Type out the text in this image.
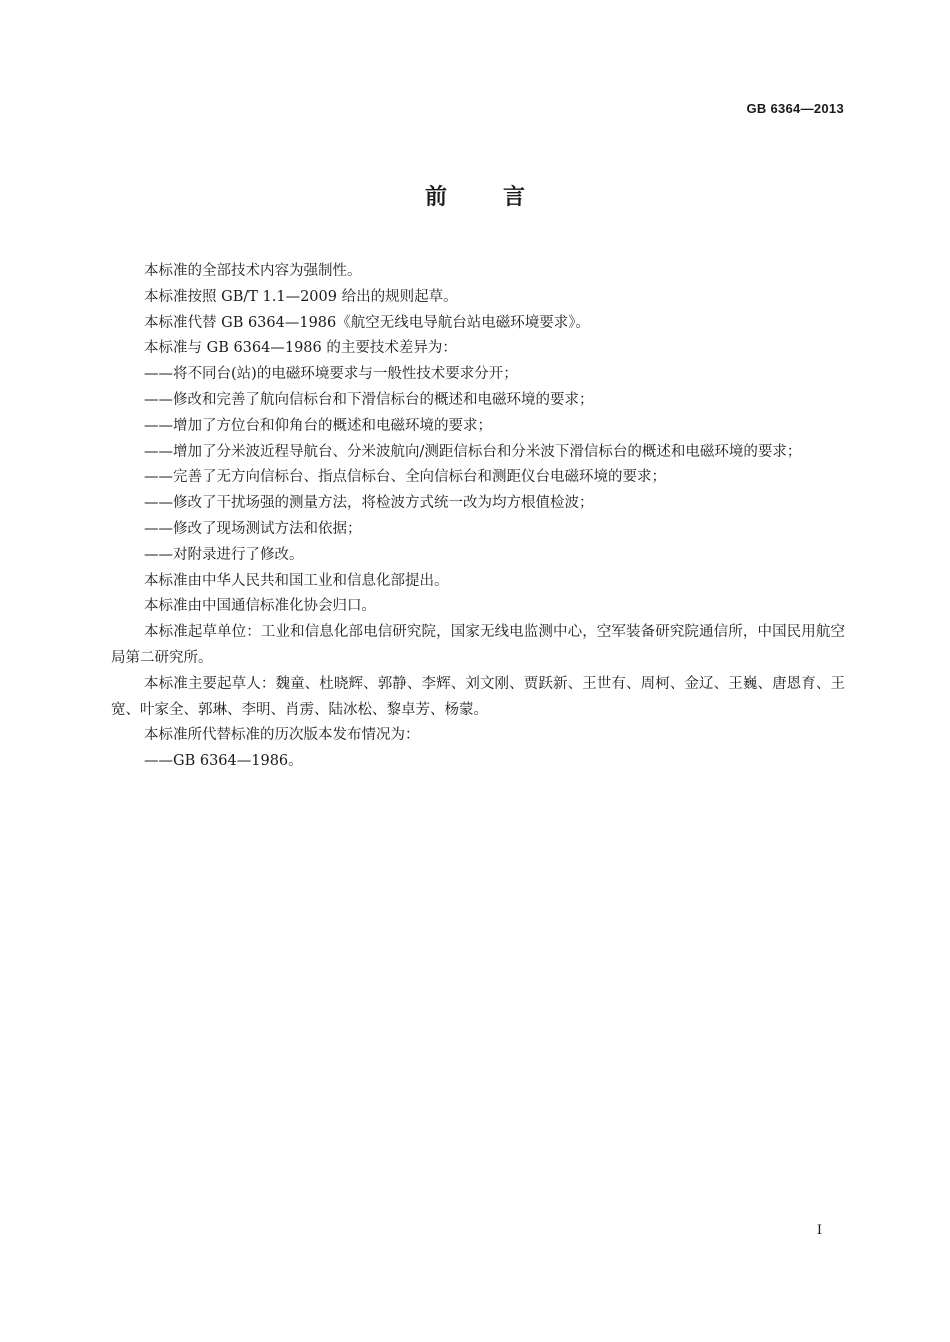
GB 6364—2013
前言

本标准的全部技术内容为强制性。

本标准按照 GB/T 1.1—2009 给出的规则起草。

本标准代替 GB 6364—1986《航空无线电导航台站电磁环境要求》。

本标准与 GB 6364—1986 的主要技术差异为：

——将不同台(站)的电磁环境要求与一般性技术要求分开；

——修改和完善了航向信标台和下滑信标台的概述和电磁环境的要求；

——增加了方位台和仰角台的概述和电磁环境的要求；

——增加了分米波近程导航台、分米波航向/测距信标台和分米波下滑信标台的概述和电磁环境的要求；

——完善了无方向信标台、指点信标台、全向信标台和测距仪台电磁环境的要求；

——修改了干扰场强的测量方法，将检波方式统一改为均方根值检波；

——修改了现场测试方法和依据；

——对附录进行了修改。

本标准由中华人民共和国工业和信息化部提出。

本标准由中国通信标准化协会归口。

本标准起草单位：工业和信息化部电信研究院，国家无线电监测中心，空军装备研究院通信所，中国民用航空局第二研究所。

本标准主要起草人：魏童、杜晓辉、郭静、李辉、刘文刚、贾跃新、王世有、周柯、金辽、王巍、唐恩育、王宽、叶家全、郭琳、李明、肖雳、陆冰松、黎卓芳、杨蒙。

本标准所代替标准的历次版本发布情况为：

——GB 6364—1986。

I
